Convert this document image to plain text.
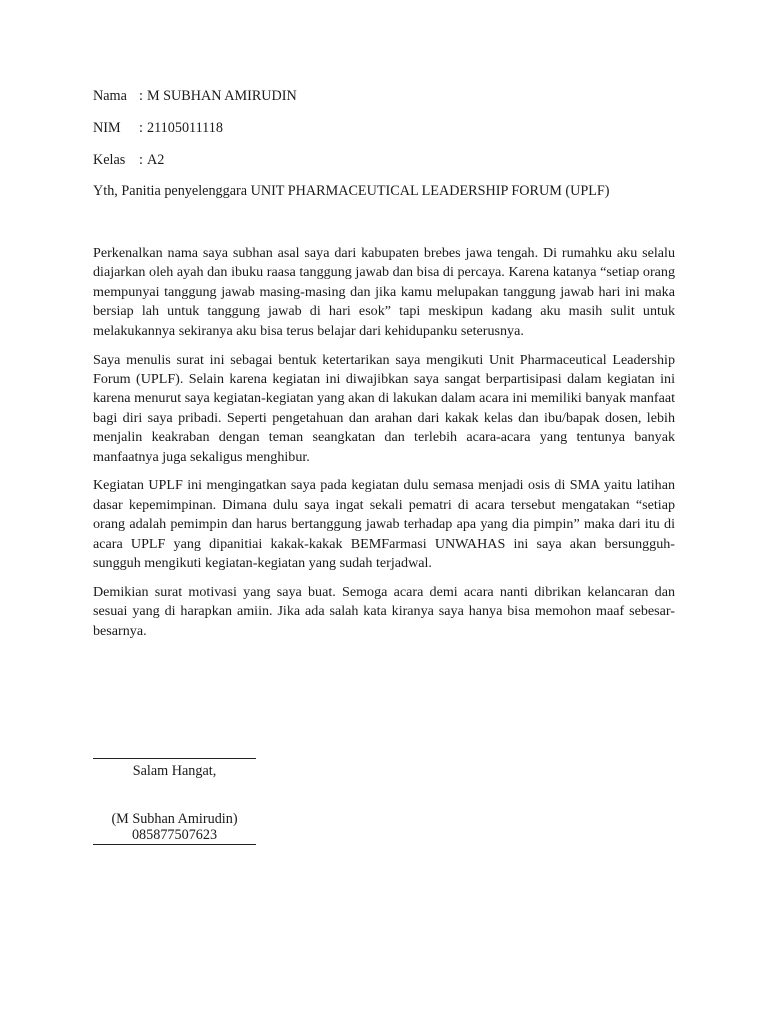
Nama : M SUBHAN AMIRUDIN
NIM : 21105011118
Kelas : A2
Yth, Panitia penyelenggara UNIT PHARMACEUTICAL LEADERSHIP FORUM (UPLF)

Perkenalkan nama saya subhan asal saya dari kabupaten brebes jawa tengah. Di rumahku aku selalu diajarkan oleh ayah dan ibuku raasa tanggung jawab dan bisa di percaya. Karena katanya “setiap orang mempunyai tanggung jawab masing-masing dan jika kamu melupakan tanggung jawab hari ini maka bersiap lah untuk tanggung jawab di hari esok” tapi meskipun kadang aku masih sulit untuk melakukannya sekiranya aku bisa terus belajar dari kehidupanku seterusnya.

Saya menulis surat ini sebagai bentuk ketertarikan saya mengikuti Unit Pharmaceutical Leadership Forum (UPLF). Selain karena kegiatan ini diwajibkan saya sangat berpartisipasi dalam kegiatan ini karena menurut saya kegiatan-kegiatan yang akan di lakukan dalam acara ini memiliki banyak manfaat bagi diri saya pribadi. Seperti pengetahuan dan arahan dari kakak kelas dan ibu/bapak dosen, lebih menjalin keakraban dengan teman seangkatan dan terlebih acara-acara yang tentunya banyak manfaatnya juga sekaligus menghibur.

Kegiatan UPLF ini mengingatkan saya pada kegiatan dulu semasa menjadi osis di SMA yaitu latihan dasar kepemimpinan. Dimana dulu saya ingat sekali pematri di acara tersebut mengatakan “setiap orang adalah pemimpin dan harus bertanggung jawab terhadap apa yang dia pimpin” maka dari itu di acara UPLF yang dipanitiai kakak-kakak BEMFarmasi UNWAHAS ini saya akan bersungguh-sungguh mengikuti kegiatan-kegiatan yang sudah terjadwal.

Demikian surat motivasi yang saya buat. Semoga acara demi acara nanti dibrikan kelancaran dan sesuai yang di harapkan amiin. Jika ada salah kata kiranya saya hanya bisa memohon maaf sebesar-besarnya.

Salam Hangat,
(M Subhan Amirudin)
085877507623
